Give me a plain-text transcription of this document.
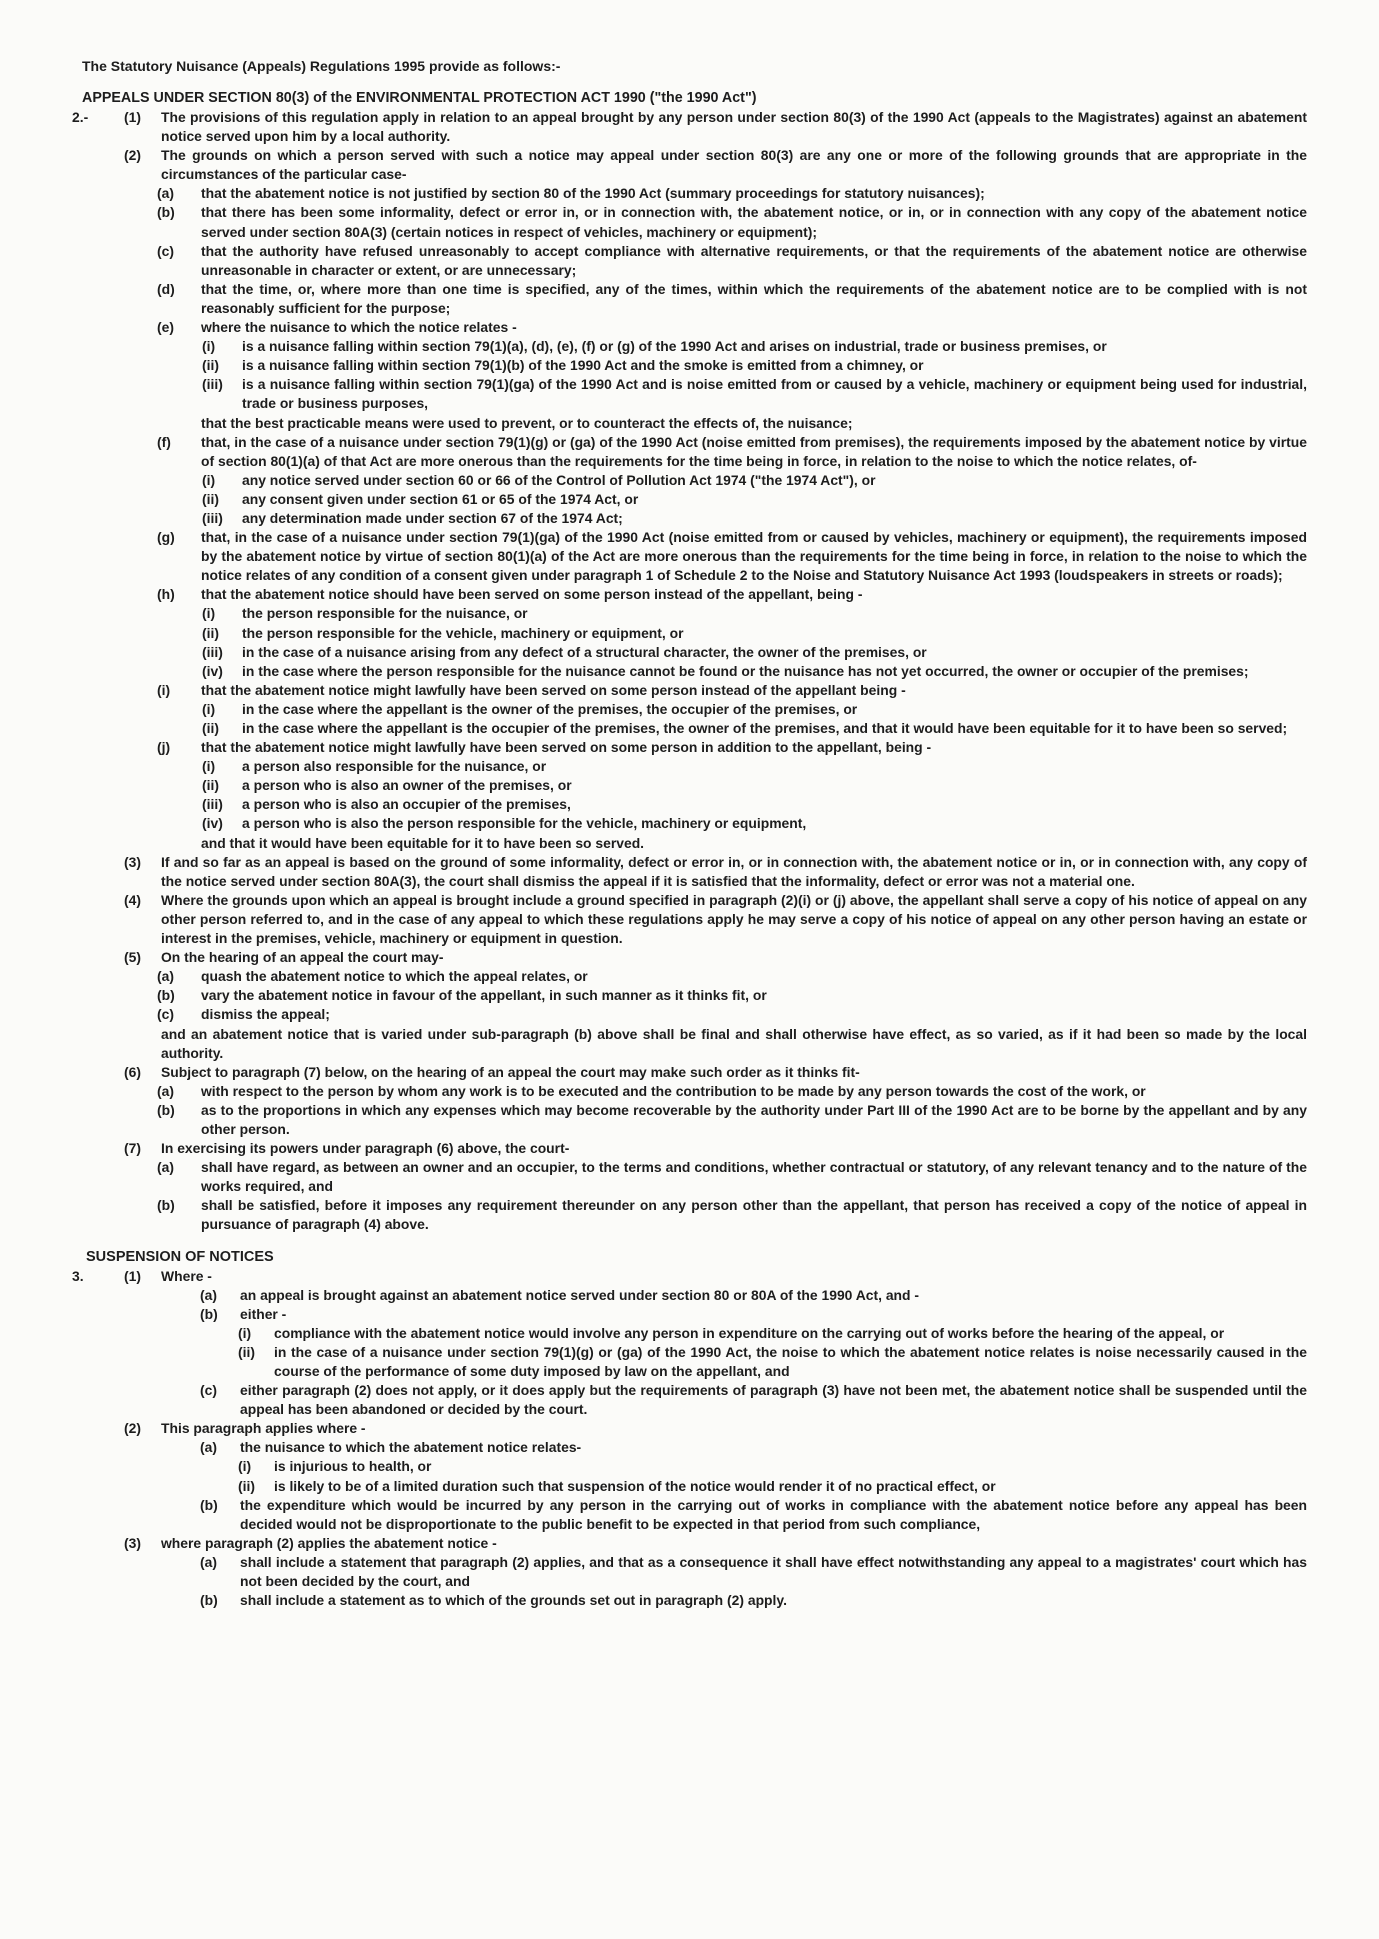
The Statutory Nuisance (Appeals) Regulations 1995 provide as follows:-
APPEALS UNDER SECTION 80(3) of the ENVIRONMENTAL PROTECTION ACT 1990 ("the 1990 Act")
2.-	(1) The provisions of this regulation apply in relation to an appeal brought by any person under section 80(3) of the 1990 Act (appeals to the Magistrates) against an abatement notice served upon him by a local authority.
(2) The grounds on which a person served with such a notice may appeal under section 80(3) are any one or more of the following grounds that are appropriate in the circumstances of the particular case-
(a) that the abatement notice is not justified by section 80 of the 1990 Act (summary proceedings for statutory nuisances);
(b) that there has been some informality, defect or error in, or in connection with, the abatement notice, or in, or in connection with any copy of the abatement notice served under section 80A(3) (certain notices in respect of vehicles, machinery or equipment);
(c) that the authority have refused unreasonably to accept compliance with alternative requirements, or that the requirements of the abatement notice are otherwise unreasonable in character or extent, or are unnecessary;
(d) that the time, or, where more than one time is specified, any of the times, within which the requirements of the abatement notice are to be complied with is not reasonably sufficient for the purpose;
(e) where the nuisance to which the notice relates -
(i) is a nuisance falling within section 79(1)(a), (d), (e), (f) or (g) of the 1990 Act and arises on industrial, trade or business premises, or
(ii) is a nuisance falling within section 79(1)(b) of the 1990 Act and the smoke is emitted from a chimney, or
(iii) is a nuisance falling within section 79(1)(ga) of the 1990 Act and is noise emitted from or caused by a vehicle, machinery or equipment being used for industrial, trade or business purposes,
that the best practicable means were used to prevent, or to counteract the effects of, the nuisance;
(f) that, in the case of a nuisance under section 79(1)(g) or (ga) of the 1990 Act (noise emitted from premises), the requirements imposed by the abatement notice by virtue of section 80(1)(a) of that Act are more onerous than the requirements for the time being in force, in relation to the noise to which the notice relates, of-
(i) any notice served under section 60 or 66 of the Control of Pollution Act 1974 ("the 1974 Act"), or
(ii) any consent given under section 61 or 65 of the 1974 Act, or
(iii) any determination made under section 67 of the 1974 Act;
(g) that, in the case of a nuisance under section 79(1)(ga) of the 1990 Act (noise emitted from or caused by vehicles, machinery or equipment), the requirements imposed by the abatement notice by virtue of section 80(1)(a) of the Act are more onerous than the requirements for the time being in force, in relation to the noise to which the notice relates of any condition of a consent given under paragraph 1 of Schedule 2 to the Noise and Statutory Nuisance Act 1993 (loudspeakers in streets or roads);
(h) that the abatement notice should have been served on some person instead of the appellant, being -
(i) the person responsible for the nuisance, or
(ii) the person responsible for the vehicle, machinery or equipment, or
(iii) in the case of a nuisance arising from any defect of a structural character, the owner of the premises, or
(iv) in the case where the person responsible for the nuisance cannot be found or the nuisance has not yet occurred, the owner or occupier of the premises;
(i) that the abatement notice might lawfully have been served on some person instead of the appellant being -
(i) in the case where the appellant is the owner of the premises, the occupier of the premises, or
(ii) in the case where the appellant is the occupier of the premises, the owner of the premises, and that it would have been equitable for it to have been so served;
(j) that the abatement notice might lawfully have been served on some person in addition to the appellant, being -
(i) a person also responsible for the nuisance, or
(ii) a person who is also an owner of the premises, or
(iii) a person who is also an occupier of the premises,
(iv) a person who is also the person responsible for the vehicle, machinery or equipment,
and that it would have been equitable for it to have been so served.
(3) If and so far as an appeal is based on the ground of some informality, defect or error in, or in connection with, the abatement notice or in, or in connection with, any copy of the notice served under section 80A(3), the court shall dismiss the appeal if it is satisfied that the informality, defect or error was not a material one.
(4) Where the grounds upon which an appeal is brought include a ground specified in paragraph (2)(i) or (j) above, the appellant shall serve a copy of his notice of appeal on any other person referred to, and in the case of any appeal to which these regulations apply he may serve a copy of his notice of appeal on any other person having an estate or interest in the premises, vehicle, machinery or equipment in question.
(5) On the hearing of an appeal the court may-
(a) quash the abatement notice to which the appeal relates, or
(b) vary the abatement notice in favour of the appellant, in such manner as it thinks fit, or
(c) dismiss the appeal;
and an abatement notice that is varied under sub-paragraph (b) above shall be final and shall otherwise have effect, as so varied, as if it had been so made by the local authority.
(6) Subject to paragraph (7) below, on the hearing of an appeal the court may make such order as it thinks fit-
(a) with respect to the person by whom any work is to be executed and the contribution to be made by any person towards the cost of the work, or
(b) as to the proportions in which any expenses which may become recoverable by the authority under Part III of the 1990 Act are to be borne by the appellant and by any other person.
(7) In exercising its powers under paragraph (6) above, the court-
(a) shall have regard, as between an owner and an occupier, to the terms and conditions, whether contractual or statutory, of any relevant tenancy and to the nature of the works required, and
(b) shall be satisfied, before it imposes any requirement thereunder on any person other than the appellant, that person has received a copy of the notice of appeal in pursuance of paragraph (4) above.
SUSPENSION OF NOTICES
3.	(1) Where -
(a) an appeal is brought against an abatement notice served under section 80 or 80A of the 1990 Act, and -
(b) either -
(i) compliance with the abatement notice would involve any person in expenditure on the carrying out of works before the hearing of the appeal, or
(ii) in the case of a nuisance under section 79(1)(g) or (ga) of the 1990 Act, the noise to which the abatement notice relates is noise necessarily caused in the course of the performance of some duty imposed by law on the appellant, and
(c) either paragraph (2) does not apply, or it does apply but the requirements of paragraph (3) have not been met, the abatement notice shall be suspended until the appeal has been abandoned or decided by the court.
(2) This paragraph applies where -
(a) the nuisance to which the abatement notice relates-
(i) is injurious to health, or
(ii) is likely to be of a limited duration such that suspension of the notice would render it of no practical effect, or
(b) the expenditure which would be incurred by any person in the carrying out of works in compliance with the abatement notice before any appeal has been decided would not be disproportionate to the public benefit to be expected in that period from such compliance,
(3) where paragraph (2) applies the abatement notice -
(a) shall include a statement that paragraph (2) applies, and that as a consequence it shall have effect notwithstanding any appeal to a magistrates' court which has not been decided by the court, and
(b) shall include a statement as to which of the grounds set out in paragraph (2) apply.
